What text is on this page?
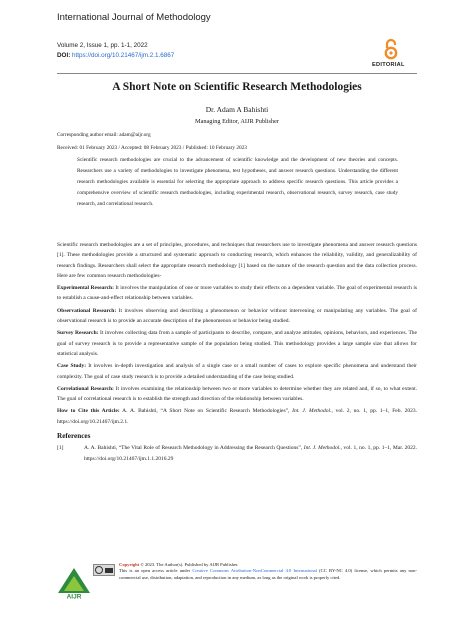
International Journal of Methodology
Volume 2, Issue 1, pp. 1-1, 2022
DOI: https://doi.org/10.21467/ijm.2.1.6867
EDITORIAL
A Short Note on Scientific Research Methodologies
Dr. Adam A Bahishti
Managing Editor, AIJR Publisher
Corresponding author email: adam@aijr.org
Received: 01 February 2023 / Accepted: 08 February 2023 / Published: 10 February 2023
Scientific research methodologies are crucial to the advancement of scientific knowledge and the development of new theories and concepts. Researchers use a variety of methodologies to investigate phenomena, test hypotheses, and answer research questions. Understanding the different research methodologies available is essential for selecting the appropriate approach to address specific research questions. This article provides a comprehensive overview of scientific research methodologies, including experimental research, observational research, survey research, case study research, and correlational research.

Scientific research methodologies are a set of principles, procedures, and techniques that researchers use to investigate phenomena and answer research questions [1]. These methodologies provide a structured and systematic approach to conducting research, which enhances the reliability, validity, and generalizability of research findings. Researchers shall select the appropriate research methodology [1] based on the nature of the research question and the data collection process. Here are few common research methodologies-

Experimental Research: It involves the manipulation of one or more variables to study their effects on a dependent variable. The goal of experimental research is to establish a cause-and-effect relationship between variables.

Observational Research: It involves observing and describing a phenomenon or behavior without intervening or manipulating any variables. The goal of observational research is to provide an accurate description of the phenomenon or behavior being studied.

Survey Research: It involves collecting data from a sample of participants to describe, compare, and analyze attitudes, opinions, behaviors, and experiences. The goal of survey research is to provide a representative sample of the population being studied. This methodology provides a large sample size that allows for statistical analysis.

Case Study: It involves in-depth investigation and analysis of a single case or a small number of cases to explore specific phenomena and understand their complexity. The goal of case study research is to provide a detailed understanding of the case being studied.

Correlational Research: It involves examining the relationship between two or more variables to determine whether they are related and, if so, to what extent. The goal of correlational research is to establish the strength and direction of the relationship between variables.

How to Cite this Article: A. A. Bahishti, “A Short Note on Scientific Research Methodologies”, Int. J. Methodol., vol. 2, no. 1, pp. 1–1, Feb. 2023. https://doi.org/10.21467/ijm.2.1.

References

[1]	A. A. Bahishti, “The Vital Role of Research Methodology in Addressing the Research Questions”, Int. J. Methodol., vol. 1, no. 1, pp. 1–1, Mar. 2022. https://doi.org/10.21467/ijm.1.1.2016.29
AIJR
Copyright © 2023. The Author(s). Published by AIJR Publisher.
This is an open access article under Creative Commons Attribution-NonCommercial 4.0 International (CC BY-NC 4.0) license, which permits any non-commercial use, distribution, adaptation, and reproduction in any medium, as long as the original work is properly cited.
